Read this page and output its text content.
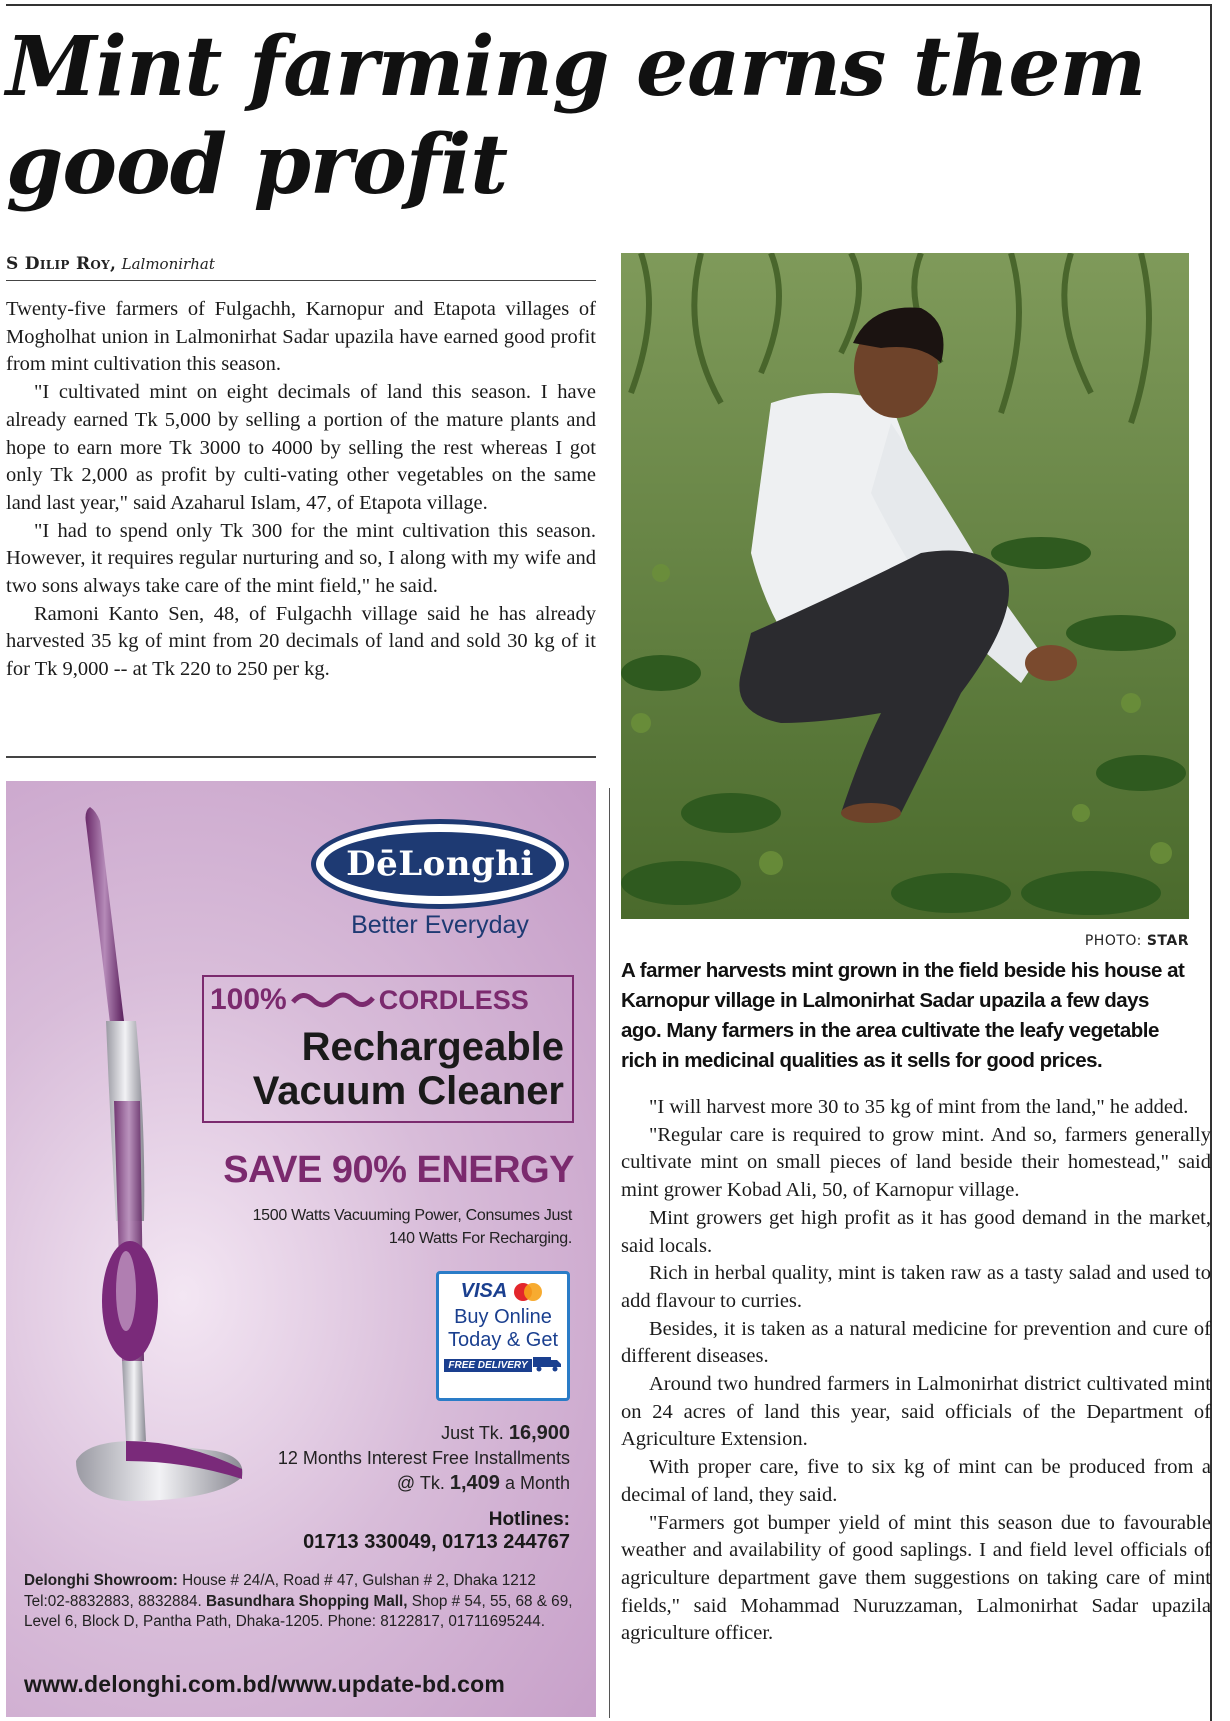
Mint farming earns them good profit
S Dilip Roy, Lalmonirhat

Twenty-five farmers of Fulgachh, Karnopur and Etapota villages of Mogholhat union in Lalmonirhat Sadar upazila have earned good profit from mint cultivation this season.

"I cultivated mint on eight decimals of land this season. I have already earned Tk 5,000 by selling a portion of the mature plants and hope to earn more Tk 3000 to 4000 by selling the rest whereas I got only Tk 2,000 as profit by culti-vating other vegetables on the same land last year," said Azaharul Islam, 47, of Etapota village.

"I had to spend only Tk 300 for the mint cultivation this season. However, it requires regular nurturing and so, I along with my wife and two sons always take care of the mint field," he said.

Ramoni Kanto Sen, 48, of Fulgachh village said he has already harvested 35 kg of mint from 20 decimals of land and sold 30 kg of it for Tk 9,000 -- at Tk 220 to 250 per kg.

PHOTO: STAR
A farmer harvests mint grown in the field beside his house at Karnopur village in Lalmonirhat Sadar upazila a few days ago. Many farmers in the area cultivate the leafy vegetable rich in medicinal qualities as it sells for good prices.

"I will harvest more 30 to 35 kg of mint from the land," he added.

"Regular care is required to grow mint. And so, farmers generally cultivate mint on small pieces of land beside their homestead," said mint grower Kobad Ali, 50, of Karnopur village.

Mint growers get high profit as it has good demand in the market, said locals.

Rich in herbal quality, mint is taken raw as a tasty salad and used to add flavour to curries.

Besides, it is taken as a natural medicine for prevention and cure of different diseases.

Around two hundred farmers in Lalmonirhat district cultivated mint on 24 acres of land this year, said officials of the Department of Agriculture Extension.

With proper care, five to six kg of mint can be produced from a decimal of land, they said.

"Farmers got bumper yield of mint this season due to favourable weather and availability of good saplings. I and field level officials of agriculture department gave them suggestions on taking care of mint fields," said Mohammad Nuruzzaman, Lalmonirhat Sadar upazila agriculture officer.

DēLonghi
Better Everyday
100%	CORDLESS
Rechargeable
Vacuum Cleaner
SAVE 90% ENERGY
1500 Watts Vacuuming Power, Consumes Just
140 Watts For Recharging.
VISA
Buy Online
Today & Get
FREE DELIVERY
Just Tk. 16,900
12 Months Interest Free Installments
@ Tk. 1,409 a Month
Hotlines:
01713 330049, 01713 244767
Delonghi Showroom: House # 24/A, Road # 47, Gulshan # 2, Dhaka 1212 Tel:02-8832883, 8832884. Basundhara Shopping Mall, Shop # 54, 55, 68 & 69, Level 6, Block D, Pantha Path, Dhaka-1205. Phone: 8122817, 01711695244.
www.delonghi.com.bd/www.update-bd.com
